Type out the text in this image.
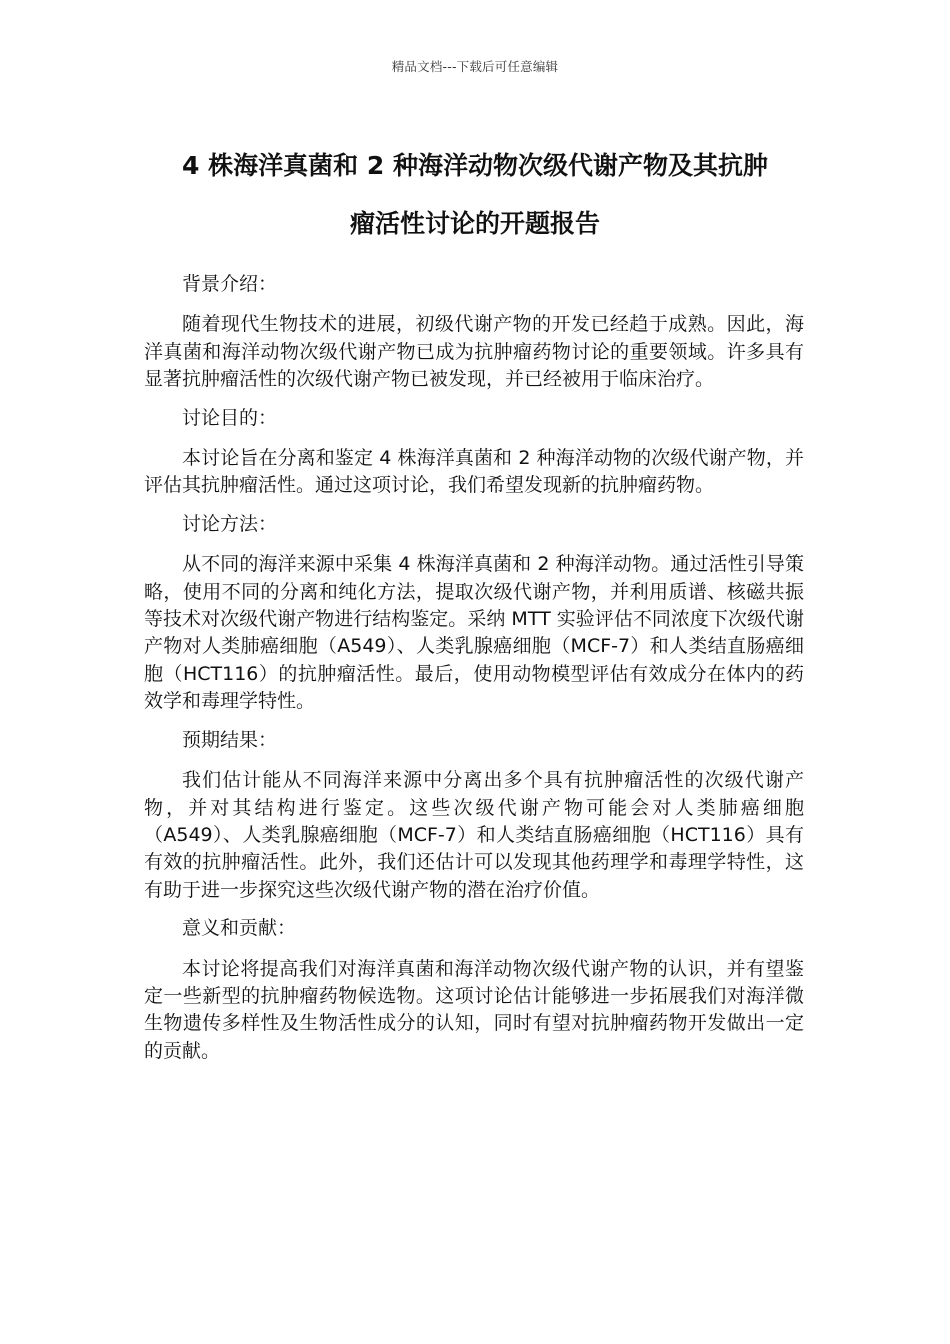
精品文档---下载后可任意编辑
4 株海洋真菌和 2 种海洋动物次级代谢产物及其抗肿
瘤活性讨论的开题报告

背景介绍：

随着现代生物技术的进展，初级代谢产物的开发已经趋于成熟。因此，海洋真菌和海洋动物次级代谢产物已成为抗肿瘤药物讨论的重要领域。许多具有显著抗肿瘤活性的次级代谢产物已被发现，并已经被用于临床治疗。

讨论目的：

本讨论旨在分离和鉴定 4 株海洋真菌和 2 种海洋动物的次级代谢产物，并评估其抗肿瘤活性。通过这项讨论，我们希望发现新的抗肿瘤药物。

讨论方法：

从不同的海洋来源中采集 4 株海洋真菌和 2 种海洋动物。通过活性引导策略，使用不同的分离和纯化方法，提取次级代谢产物，并利用质谱、核磁共振等技术对次级代谢产物进行结构鉴定。采纳 MTT 实验评估不同浓度下次级代谢产物对人类肺癌细胞（A549）、人类乳腺癌细胞（MCF-7）和人类结直肠癌细胞（HCT116）的抗肿瘤活性。最后，使用动物模型评估有效成分在体内的药效学和毒理学特性。

预期结果：

我们估计能从不同海洋来源中分离出多个具有抗肿瘤活性的次级代谢产物，并对其结构进行鉴定。这些次级代谢产物可能会对人类肺癌细胞（A549）、人类乳腺癌细胞（MCF-7）和人类结直肠癌细胞（HCT116）具有有效的抗肿瘤活性。此外，我们还估计可以发现其他药理学和毒理学特性，这有助于进一步探究这些次级代谢产物的潜在治疗价值。

意义和贡献：

本讨论将提高我们对海洋真菌和海洋动物次级代谢产物的认识，并有望鉴定一些新型的抗肿瘤药物候选物。这项讨论估计能够进一步拓展我们对海洋微生物遗传多样性及生物活性成分的认知，同时有望对抗肿瘤药物开发做出一定的贡献。
